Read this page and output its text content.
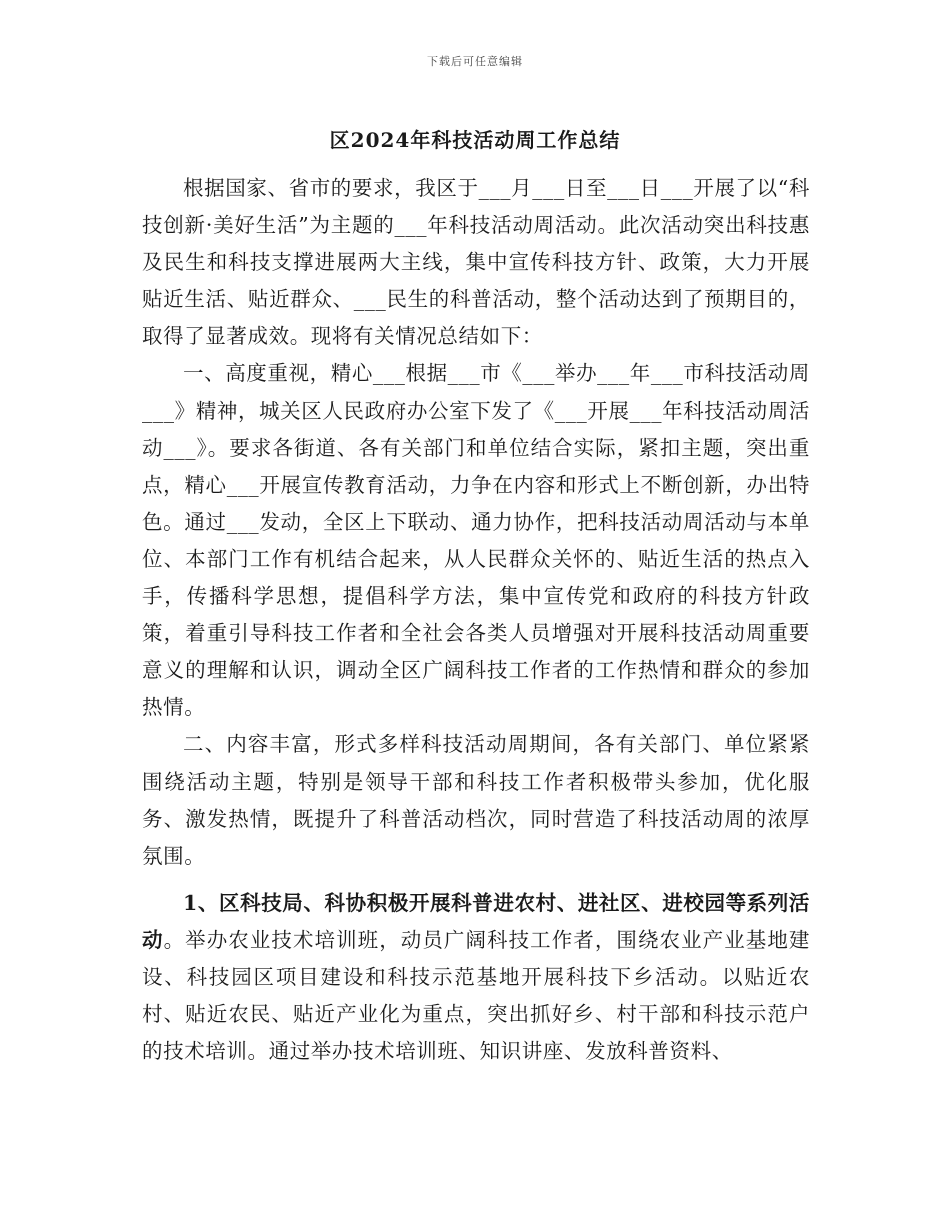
下载后可任意编辑
区2024年科技活动周工作总结

根据国家、省市的要求，我区于___月___日至___日___开展了以“科技创新·美好生活”为主题的___年科技活动周活动。此次活动突出科技惠及民生和科技支撑进展两大主线，集中宣传科技方针、政策，大力开展贴近生活、贴近群众、___民生的科普活动，整个活动达到了预期目的，取得了显著成效。现将有关情况总结如下：

一、高度重视，精心___根据___市《___举办___年___市科技活动周___》精神，城关区人民政府办公室下发了《___开展___年科技活动周活动___》。要求各街道、各有关部门和单位结合实际，紧扣主题，突出重点，精心___开展宣传教育活动，力争在内容和形式上不断创新，办出特色。通过___发动，全区上下联动、通力协作，把科技活动周活动与本单位、本部门工作有机结合起来，从人民群众关怀的、贴近生活的热点入手，传播科学思想，提倡科学方法，集中宣传党和政府的科技方针政策，着重引导科技工作者和全社会各类人员增强对开展科技活动周重要意义的理解和认识，调动全区广阔科技工作者的工作热情和群众的参加热情。

二、内容丰富，形式多样科技活动周期间，各有关部门、单位紧紧围绕活动主题，特别是领导干部和科技工作者积极带头参加，优化服务、激发热情，既提升了科普活动档次，同时营造了科技活动周的浓厚氛围。

1、区科技局、科协积极开展科普进农村、进社区、进校园等系列活动。举办农业技术培训班，动员广阔科技工作者，围绕农业产业基地建设、科技园区项目建设和科技示范基地开展科技下乡活动。以贴近农村、贴近农民、贴近产业化为重点，突出抓好乡、村干部和科技示范户的技术培训。通过举办技术培训班、知识讲座、发放科普资料、
